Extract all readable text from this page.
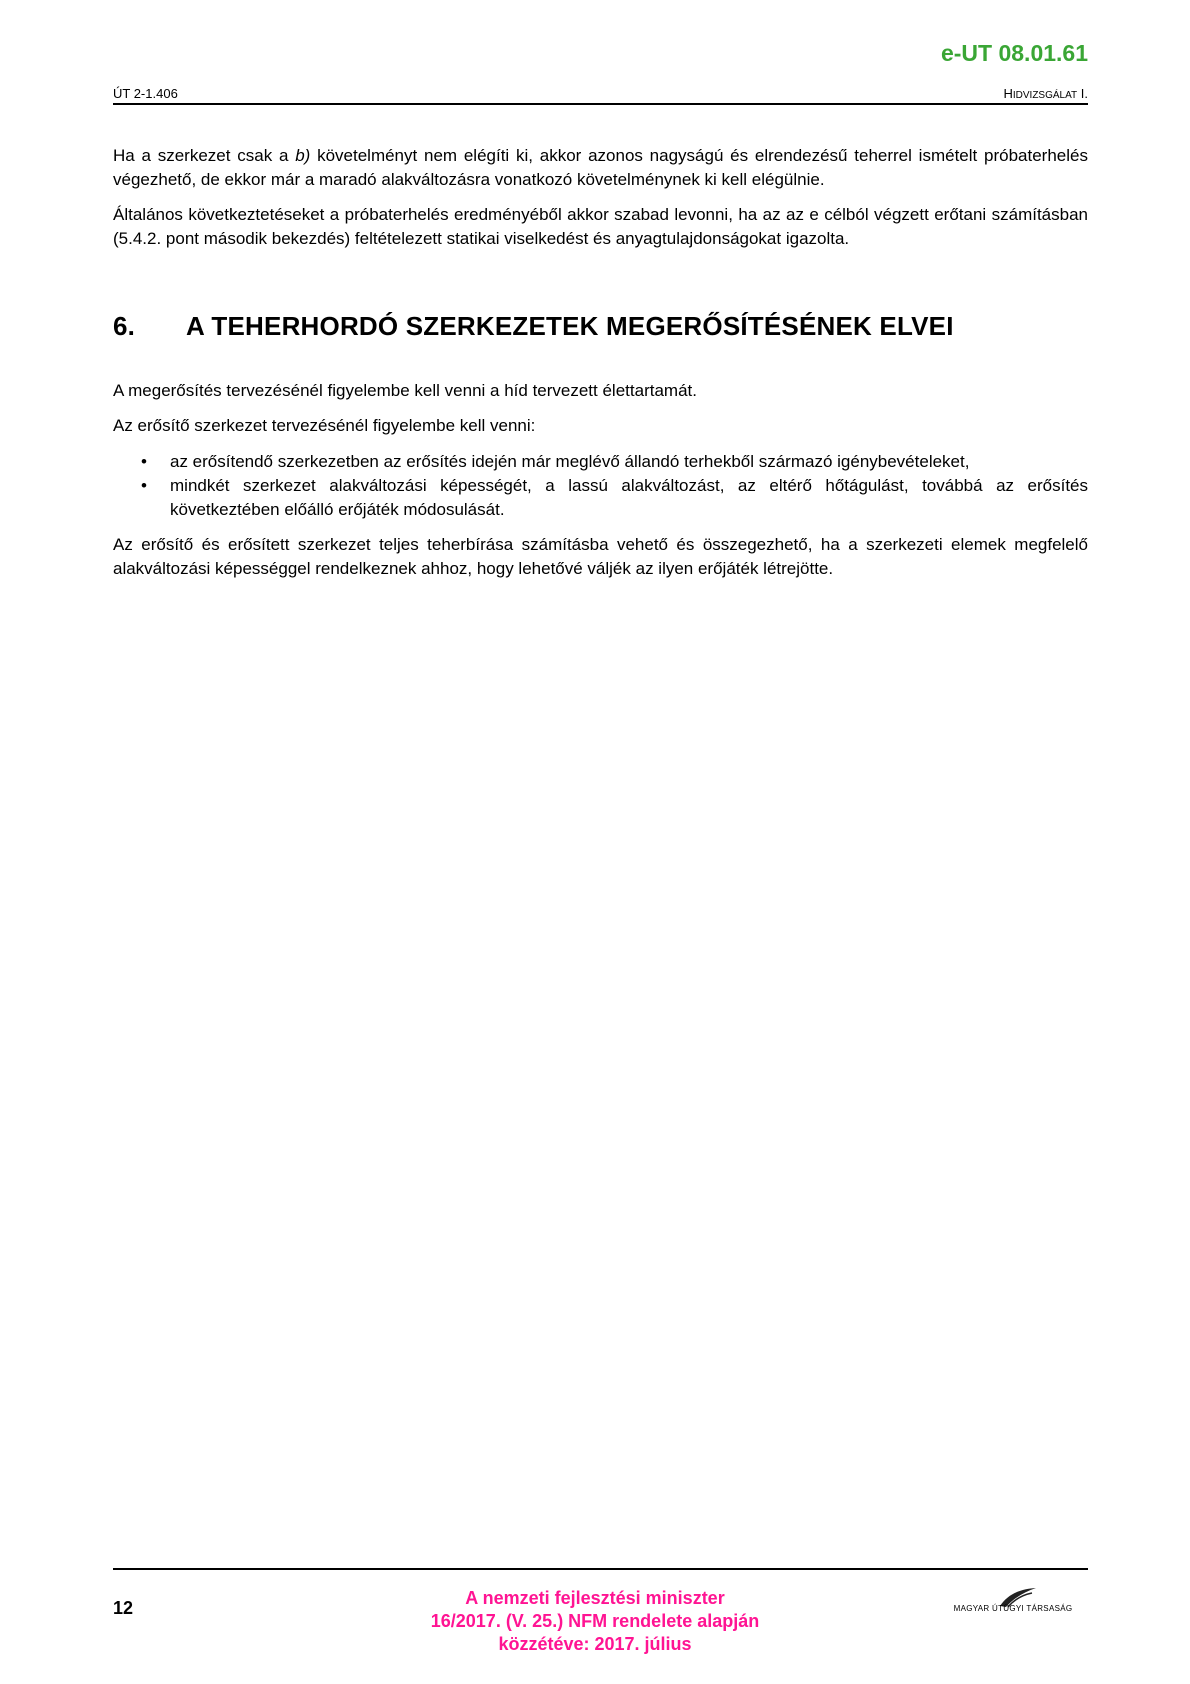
e-UT 08.01.61
ÚT 2-1.406	HIDVIZSGÁLAT I.

Ha a szerkezet csak a b) követelményt nem elégíti ki, akkor azonos nagyságú és elrendezésű teherrel ismételt próbaterhelés végezhető, de ekkor már a maradó alakváltozásra vonatkozó követelménynek ki kell elégülnie.

Általános következtetéseket a próbaterhelés eredményéből akkor szabad levonni, ha az az e célból végzett erőtani számításban (5.4.2. pont második bekezdés) feltételezett statikai viselkedést és anyagtulajdonságokat igazolta.

6. A TEHERHORDÓ SZERKEZETEK MEGERŐSÍTÉSÉNEK ELVEI

A megerősítés tervezésénél figyelembe kell venni a híd tervezett élettartamát.

Az erősítő szerkezet tervezésénél figyelembe kell venni:

• az erősítendő szerkezetben az erősítés idején már meglévő állandó terhekből származó igénybevételeket,
• mindkét szerkezet alakváltozási képességét, a lassú alakváltozást, az eltérő hőtágulást, továbbá az erősítés következtében előálló erőjáték módosulását.

Az erősítő és erősített szerkezet teljes teherbírása számításba vehető és összegezhető, ha a szerkezeti elemek megfelelő alakváltozási képességgel rendelkeznek ahhoz, hogy lehetővé váljék az ilyen erőjáték létrejötte.

12	A nemzeti fejlesztési miniszter
16/2017. (V. 25.) NFM rendelete alapján
közzétéve: 2017. július
MAGYAR ÚTÜGYI TÁRSASÁG
